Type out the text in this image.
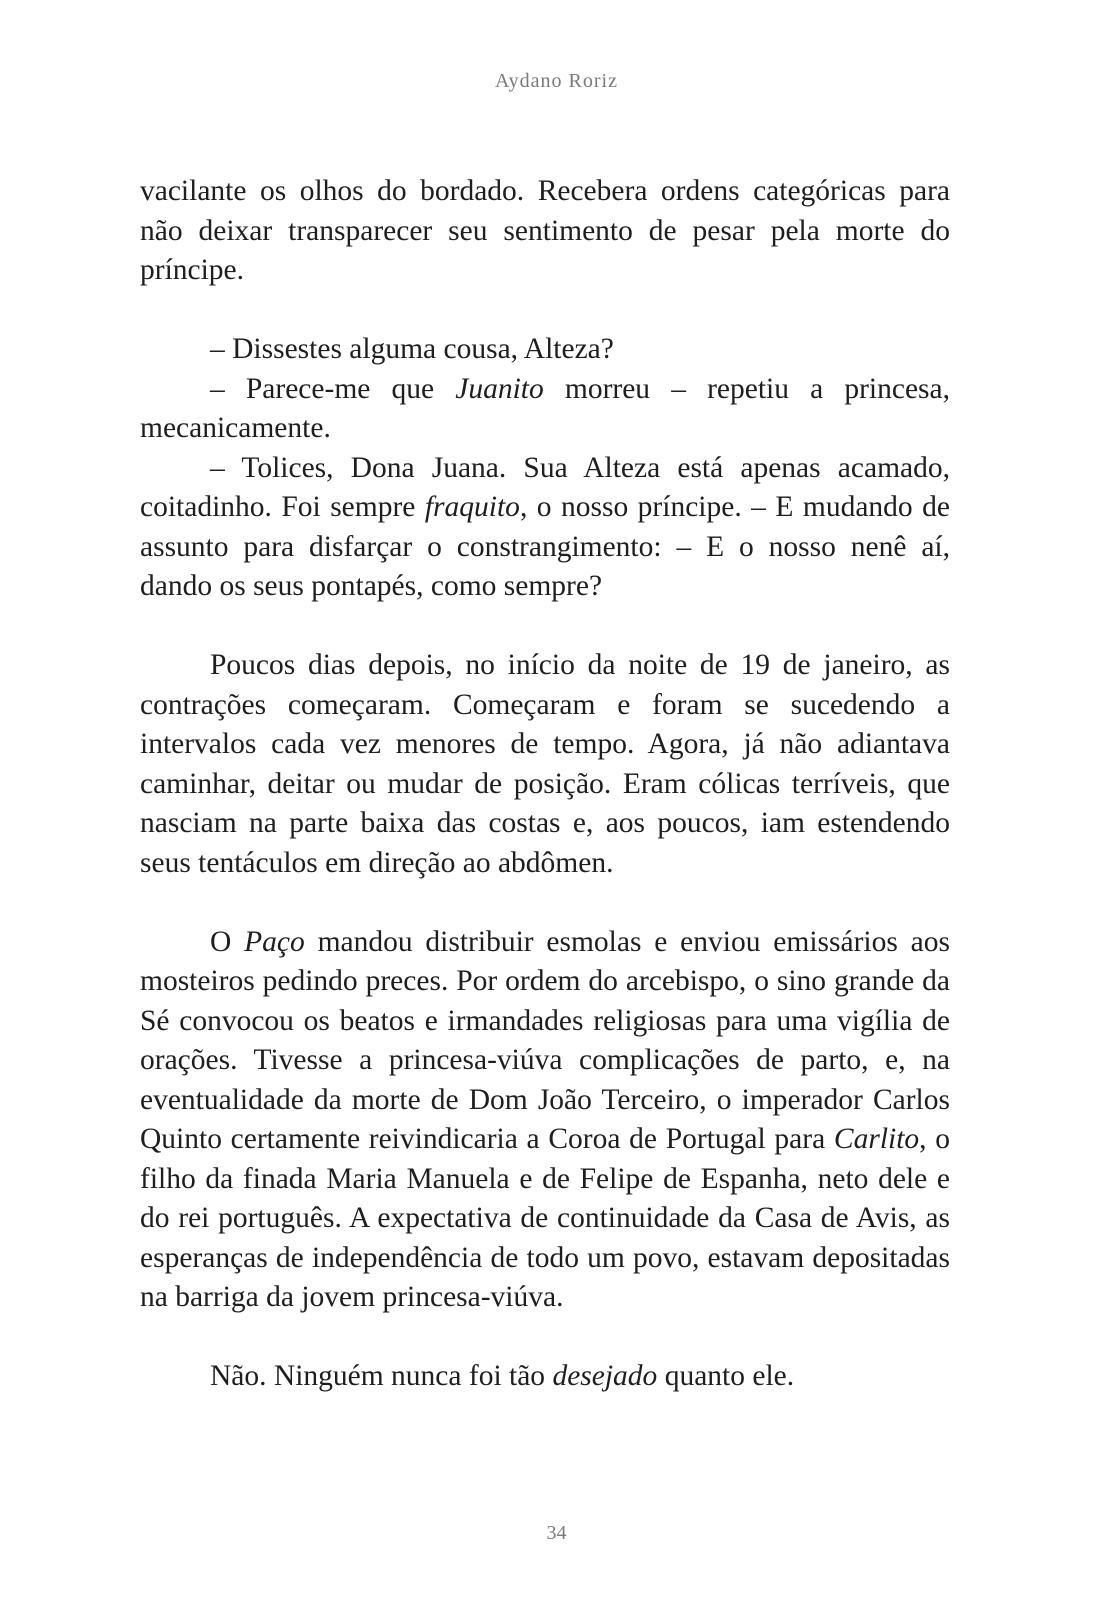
Aydano Roriz

vacilante os olhos do bordado. Recebera ordens categóricas para não deixar transparecer seu sentimento de pesar pela morte do príncipe.

– Dissestes alguma cousa, Alteza?

– Parece-me que Juanito morreu – repetiu a princesa, mecanicamente.

– Tolices, Dona Juana. Sua Alteza está apenas acamado, coitadinho. Foi sempre fraquito, o nosso príncipe. – E mudando de assunto para disfarçar o constrangimento: – E o nosso nenê aí, dando os seus pontapés, como sempre?

Poucos dias depois, no início da noite de 19 de janeiro, as contrações começaram. Começaram e foram se sucedendo a intervalos cada vez menores de tempo. Agora, já não adiantava caminhar, deitar ou mudar de posição. Eram cólicas terríveis, que nasciam na parte baixa das costas e, aos poucos, iam estendendo seus tentáculos em direção ao abdômen.

O Paço mandou distribuir esmolas e enviou emissários aos mosteiros pedindo preces. Por ordem do arcebispo, o sino grande da Sé convocou os beatos e irmandades religiosas para uma vigília de orações. Tivesse a princesa-viúva complicações de parto, e, na eventualidade da morte de Dom João Terceiro, o imperador Carlos Quinto certamente reivindicaria a Coroa de Portugal para Carlito, o filho da finada Maria Manuela e de Felipe de Espanha, neto dele e do rei português. A expectativa de continuidade da Casa de Avis, as esperanças de independência de todo um povo, estavam depositadas na barriga da jovem princesa-viúva.

Não. Ninguém nunca foi tão desejado quanto ele.

34
